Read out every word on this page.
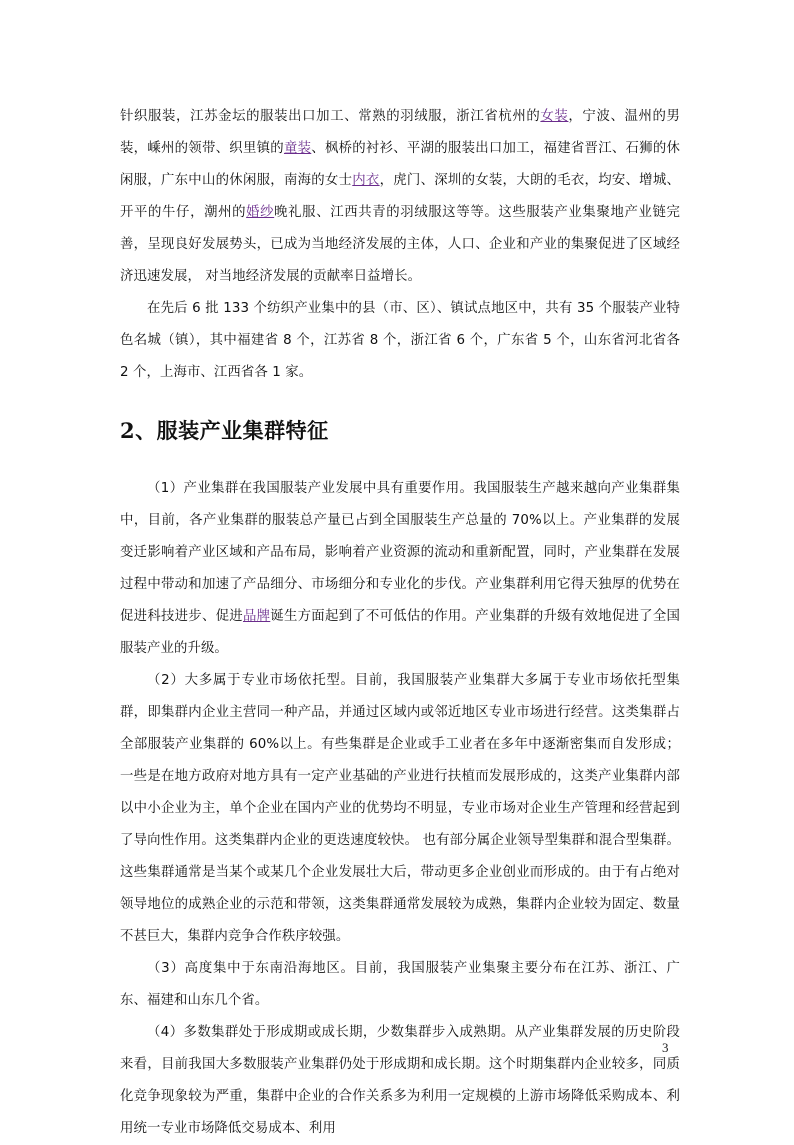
针织服装，江苏金坛的服装出口加工、常熟的羽绒服，浙江省杭州的女装，宁波、温州的男装，嵊州的领带、织里镇的童装、枫桥的衬衫、平湖的服装出口加工，福建省晋江、石狮的休闲服，广东中山的休闲服，南海的女士内衣，虎门、深圳的女装，大朗的毛衣，均安、增城、开平的牛仔，潮州的婚纱晚礼服、江西共青的羽绒服这等等。这些服装产业集聚地产业链完善，呈现良好发展势头，已成为当地经济发展的主体，人口、企业和产业的集聚促进了区域经济迅速发展， 对当地经济发展的贡献率日益增长。

在先后 6 批 133 个纺织产业集中的县（市、区）、镇试点地区中，共有 35 个服装产业特色名城（镇），其中福建省 8 个，江苏省 8 个，浙江省 6 个，广东省 5 个，山东省河北省各 2 个，上海市、江西省各 1 家。

2、服装产业集群特征

（1）产业集群在我国服装产业发展中具有重要作用。我国服装生产越来越向产业集群集中，目前，各产业集群的服装总产量已占到全国服装生产总量的 70%以上。产业集群的发展变迁影响着产业区域和产品布局，影响着产业资源的流动和重新配置，同时，产业集群在发展过程中带动和加速了产品细分、市场细分和专业化的步伐。产业集群利用它得天独厚的优势在促进科技进步、促进品牌诞生方面起到了不可低估的作用。产业集群的升级有效地促进了全国服装产业的升级。

（2）大多属于专业市场依托型。目前，我国服装产业集群大多属于专业市场依托型集群，即集群内企业主营同一种产品，并通过区域内或邻近地区专业市场进行经营。这类集群占全部服装产业集群的 60%以上。有些集群是企业或手工业者在多年中逐渐密集而自发形成；一些是在地方政府对地方具有一定产业基础的产业进行扶植而发展形成的，这类产业集群内部以中小企业为主，单个企业在国内产业的优势均不明显，专业市场对企业生产管理和经营起到了导向性作用。这类集群内企业的更迭速度较快。 也有部分属企业领导型集群和混合型集群。这些集群通常是当某个或某几个企业发展壮大后，带动更多企业创业而形成的。由于有占绝对领导地位的成熟企业的示范和带领，这类集群通常发展较为成熟，集群内企业较为固定、数量不甚巨大，集群内竞争合作秩序较强。

（3）高度集中于东南沿海地区。目前，我国服装产业集聚主要分布在江苏、浙江、广东、福建和山东几个省。

（4）多数集群处于形成期或成长期，少数集群步入成熟期。从产业集群发展的历史阶段来看，目前我国大多数服装产业集群仍处于形成期和成长期。这个时期集群内企业较多，同质化竞争现象较为严重，集群中企业的合作关系多为利用一定规模的上游市场降低采购成本、利用统一专业市场降低交易成本、利用

3
